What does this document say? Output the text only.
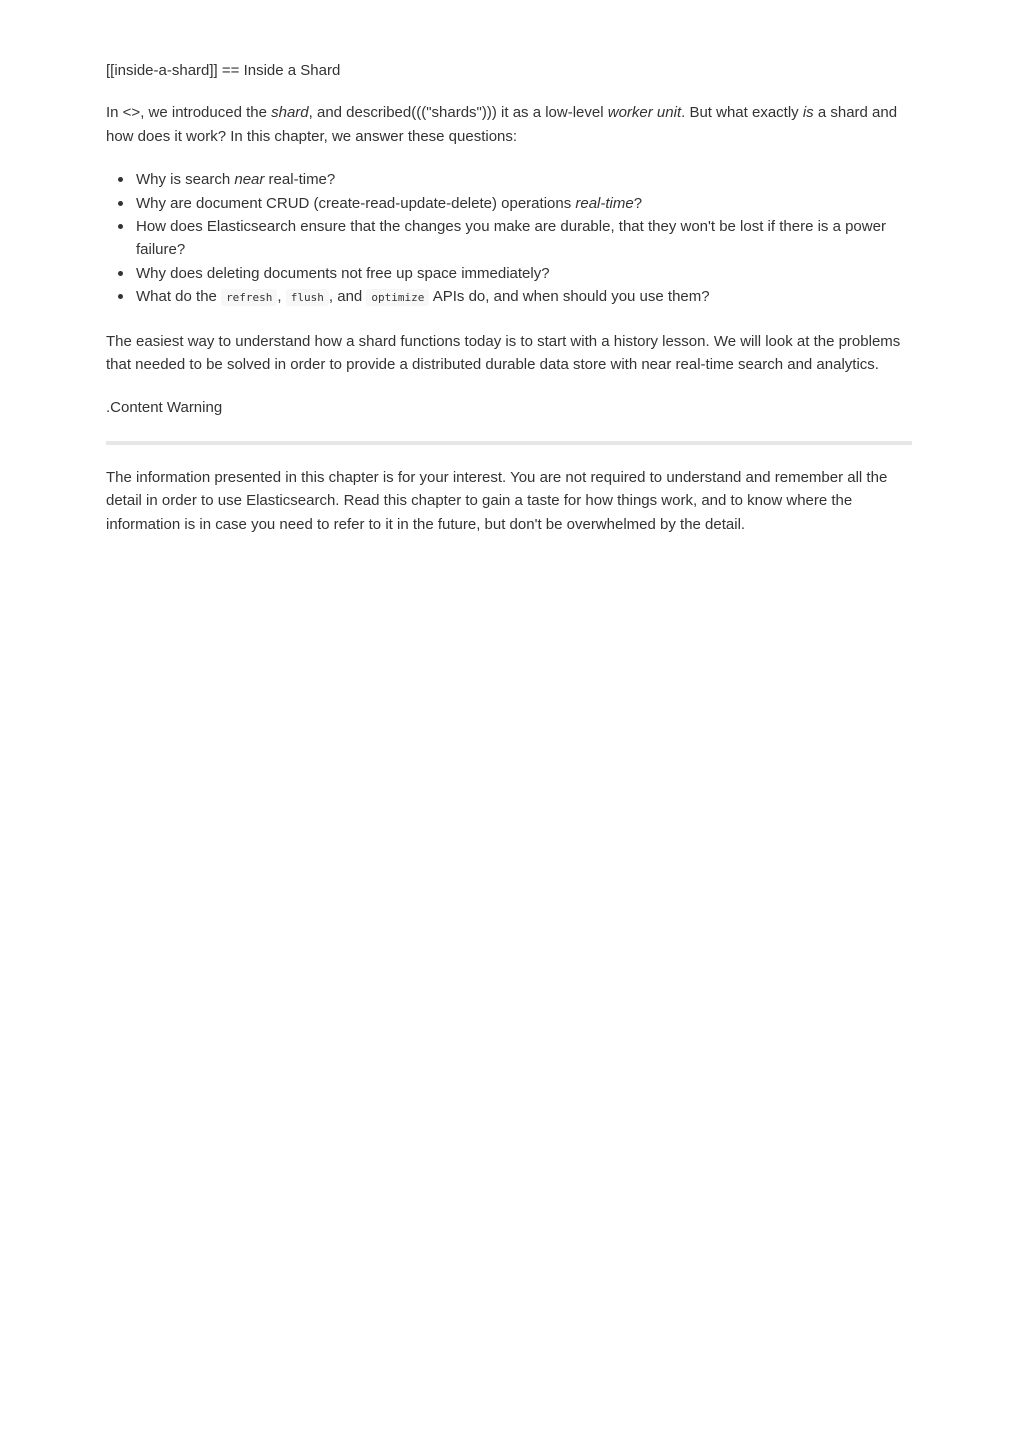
[[inside-a-shard]] == Inside a Shard

In <>, we introduced the shard, and described((("shards"))) it as a low-level worker unit. But what exactly is a shard and how does it work? In this chapter, we answer these questions:

Why is search near real-time?
Why are document CRUD (create-read-update-delete) operations real-time?
How does Elasticsearch ensure that the changes you make are durable, that they won't be lost if there is a power failure?
Why does deleting documents not free up space immediately?
What do the refresh , flush , and optimize APIs do, and when should you use them?

The easiest way to understand how a shard functions today is to start with a history lesson. We will look at the problems that needed to be solved in order to provide a distributed durable data store with near real-time search and analytics.

.Content Warning

The information presented in this chapter is for your interest. You are not required to understand and remember all the detail in order to use Elasticsearch. Read this chapter to gain a taste for how things work, and to know where the information is in case you need to refer to it in the future, but don't be overwhelmed by the detail.
